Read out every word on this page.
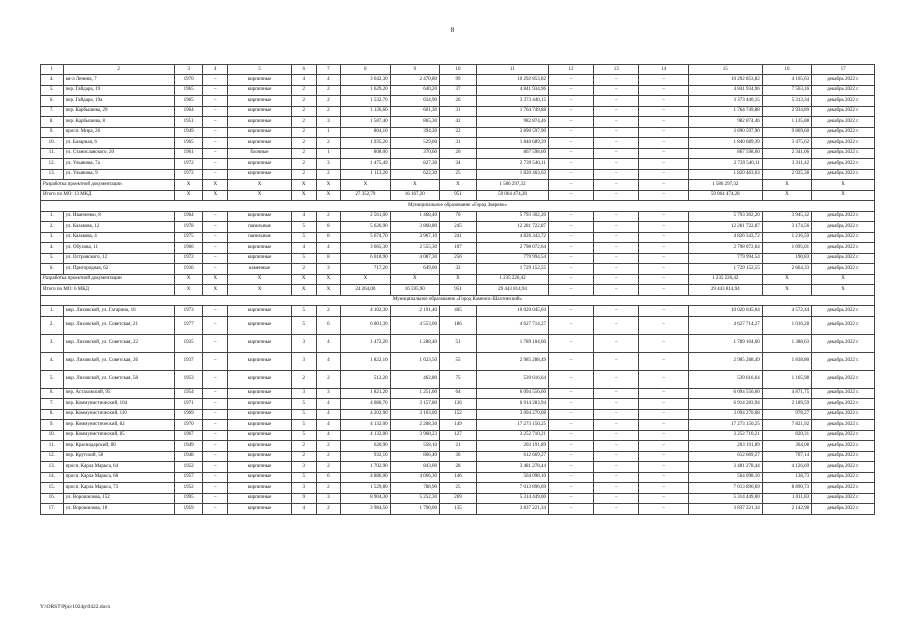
8
1	2	3	4	5	6	7	8	9	10	11	12	13	14	15	16	17
4.	кв-л Ленина, 7	1970	–	кирпичные	4	4	3 642,30	2 470,80	99	10 292 853,82	–	–	–	10 292 853,82	4 165,63	декабрь 2022 г.
5.	пер. Гайдара, 19	1965	–	кирпичные	2	2	1 629,20	640,20	37	4 841 934,96	–	–	–	4 841 934,96	7 563,16	декабрь 2022 г.
6.	пер. Гайдара, 19а	1965	–	кирпичные	2	2	1 532,70	634,90	26	3 373 440,15	–	–	–	3 373 440,15	5 313,34	декабрь 2022 г.
7.	пер. Карбышева, 29	1964	–	кирпичные	2	2	1 126,60	601,30	31	1 764 749,88	–	–	–	1 764 749,88	2 934,89	декабрь 2022 г.
8.	пер. Карбышева, 8	1951	–	кирпичные	2	3	1 587,40	865,30	42	982 874,46	–	–	–	982 874,46	1 135,88	декабрь 2022 г.
9.	просп. Мира, 26	1949	–	кирпичные	2	1	804,10	394,20	22	3 890 597,90	–	–	–	3 890 597,90	9 869,60	декабрь 2022 г.
10.	ул. Базарная, 6	1965	–	кирпичные	2	2	1 935,20	529,60	31	1 840 689,39	–	–	–	1 840 689,39	3 475,62	декабрь 2022 г.
11.	ул. Станиславского, 20	1961	–	блочные	2	1	808,00	370,60	20	867 598,60	–	–	–	867 598,60	2 341,06	декабрь 2022 г.
12.	ул. Ульянова, 7а	1972	–	кирпичные	2	3	1 475,49	827,30	34	2 739 540,11	–	–	–	2 739 540,11	3 311,42	декабрь 2022 г.
13.	ул. Ульянова, 9	1972	–	кирпичные	2	2	1 113,20	622,30	25	1 820 463,63	–	–	–	1 820 463,63	2 925,38	декабрь 2022 г.
Разработка проектной документации		X	X	X	X	X	X	X	X	1 586 297,32	–	–	–	1 586 297,32	X	X
Итого по МО: 13 МКД		X	X	X	X	X	27 352,79	16 167,20	951	59 064 474,28	–	–	–	59 064 474,28	X	X
Муниципальное образование «Город Зверево»																
1.	ул. Иванченко, 8	1964	–	кирпичные	4	2	2 561,00	1 468,40	70	5 793 302,20	–	–	–	5 793 302,20	3 945,32	декабрь 2022 г.
2.	ул. Казакова, 12	1978	–	панельные	5	8	5 626,90	3 868,80	245	12 281 722,87	–	–	–	12 281 722,87	3 174,56	декабрь 2022 г.
3.	ул. Казакова, 4	1975	–	панельные	5	8	5 674,70	3 967,10	241	4 826 343,72	–	–	–	4 826 343,72	1 216,59	декабрь 2022 г.
4.	ул. Обухова, 11	1966	–	кирпичные	4	4	3 665,30	2 555,30	107	2 798 072,64	–	–	–	2 798 072,64	1 095,01	декабрь 2022 г.
5.	ул. Островского, 12	1972	–	кирпичные	5	8	6 018,90	4 087,30	256	779 994,54	–	–	–	779 994,54	190,83	декабрь 2022 г.
6.	ул. Пригородная, 62	1936	–	каменные	2	3	717,20	649,00	32	1 729 152,55	–	–	–	1 729 152,55	2 664,33	декабрь 2022 г.
Разработка проектной документации		X	X	X	X	X	X	X	X	1 235 226,42	–	–	–	1 235 226,42	X	X
Итого по МО: 6 МКД		X	X	X	X	X	24 264,00	16 595,90	951	29 443 814,94	–	–	–	29 443 814,94	X	X
Муниципальное образование «Город Каменск-Шахтинский»																
1.	мкр. Лиховской, ул. Гагарина, 16	1973	–	кирпичные	5	2	4 102,30	2 191,40	405	10 020 045,04	–	–	–	10 020 045,04	4 572,44	декабрь 2022 г.
2.	мкр. Лиховской, ул. Советская, 21	1977	–	кирпичные	5	6	6 001,30	4 553,60	186	4 627 714,27	–	–	–	4 627 714,27	1 016,28	декабрь 2022 г.
3.	мкр. Лиховской, ул. Советская, 22	1935	–	кирпичные	3	4	1 472,20	1 288,40	51	1 789 104,60	–	–	–	1 789 104,60	1 388,63	декабрь 2022 г.
4.	мкр. Лиховской, ул. Советская, 26	1937	–	кирпичные	3	4	1 822,10	1 623,50	55	2 985 288,49	–	–	–	2 985 288,49	1 838,80	декабрь 2022 г.
5.	мкр. Лиховской, ул. Советская, 58	1953	–	кирпичные	2	2	512,20	462,80	75	539 616,64	–	–	–	539 616,64	1 165,98	декабрь 2022 г.
6.	пер. Астаховский, 95	1954	–	кирпичные	3	3	1 821,20	1 251,00	64	6 094 556,60	–	–	–	6 094 556,60	4 871,75	декабрь 2022 г.
7.	пер. Коммунистический, 104	1971	–	кирпичные	5	4	4 080,70	3 157,80	136	6 914 283,94	–	–	–	6 914 283,94	2 189,59	декабрь 2022 г.
8.	пер. Коммунистический, 110	1969	–	кирпичные	5	4	4 202,90	3 163,00	152	3 094 270,08	–	–	–	3 094 270,08	978,27	декабрь 2022 г.
9.	пер. Коммунистический, 82	1970	–	кирпичные	5	4	4 132,00	2 208,30	149	17 273 150,25	–	–	–	17 273 150,25	7 821,92	декабрь 2022 г.
10.	пер. Коммунистический, 85	1967	–	кирпичные	5	4	4 132,00	3 968,23	127	3 252 710,21	–	–	–	3 252 710,21	820,31	декабрь 2022 г.
11.	пер. Краснодарский, 80	1949	–	кирпичные	2	2	620,90	558,10	21	203 191,89	–	–	–	203 191,89	364,08	декабрь 2022 г.
12.	пер. Крутской, 58	1948	–	кирпичные	2	2	932,10	866,40	30	612 669,27	–	–	–	612 669,27	707,14	декабрь 2022 г.
13.	просп. Карла Маркса, 64	1952	–	кирпичные	3	2	1 702,90	843,60	28	3 481 278,44	–	–	–	3 481 278,44	4 126,69	декабрь 2022 г.
14.	просп. Карла Маркса, 68	1957	–	кирпичные	5	6	4 886,00	4 066,30	146	564 098,10	–	–	–	564 098,10	138,73	декабрь 2022 г.
15.	просп. Карла Маркса, 73	1952	–	кирпичные	3	2	1 529,80	788,90	25	7 013 896,69	–	–	–	7 013 896,69	8 890,73	декабрь 2022 г.
16.	ул. Ворошилова, 152	1995	–	кирпичные	9	3	8 904,30	5 252,30	269	5 314 449,00	–	–	–	5 314 449,00	1 011,83	декабрь 2022 г.
17.	ул. Ворошилова, 18	1959	–	кирпичные	4	2	3 984,50	1 790,60	135	3 837 221,34	–	–	–	3 837 221,34	2 142,98	декабрь 2022 г.
Y:\ORST\Ppo\1024p\0422.docx
